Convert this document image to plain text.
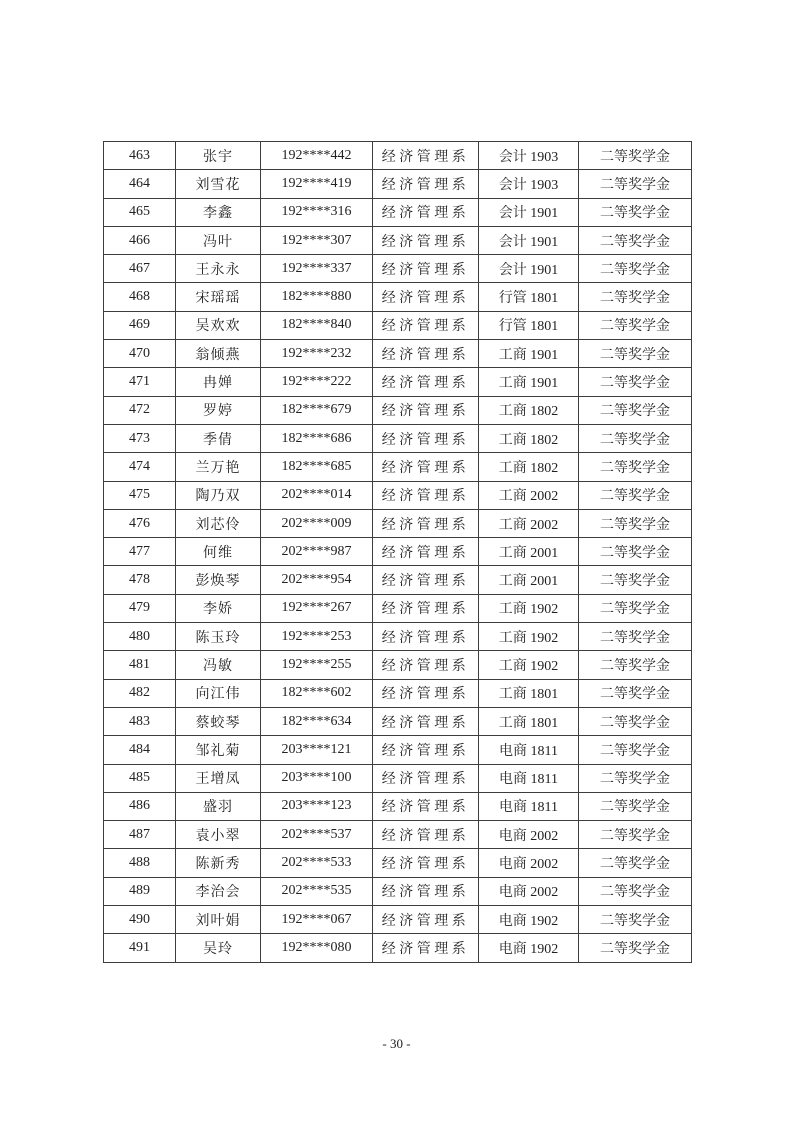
463	张宇	192****442	经济管理系	会计 1903	二等奖学金
464	刘雪花	192****419	经济管理系	会计 1903	二等奖学金
465	李鑫	192****316	经济管理系	会计 1901	二等奖学金
466	冯叶	192****307	经济管理系	会计 1901	二等奖学金
467	王永永	192****337	经济管理系	会计 1901	二等奖学金
468	宋瑶瑶	182****880	经济管理系	行管 1801	二等奖学金
469	吴欢欢	182****840	经济管理系	行管 1801	二等奖学金
470	翁倾燕	192****232	经济管理系	工商 1901	二等奖学金
471	冉婵	192****222	经济管理系	工商 1901	二等奖学金
472	罗婷	182****679	经济管理系	工商 1802	二等奖学金
473	季倩	182****686	经济管理系	工商 1802	二等奖学金
474	兰万艳	182****685	经济管理系	工商 1802	二等奖学金
475	陶乃双	202****014	经济管理系	工商 2002	二等奖学金
476	刘芯伶	202****009	经济管理系	工商 2002	二等奖学金
477	何维	202****987	经济管理系	工商 2001	二等奖学金
478	彭焕琴	202****954	经济管理系	工商 2001	二等奖学金
479	李娇	192****267	经济管理系	工商 1902	二等奖学金
480	陈玉玲	192****253	经济管理系	工商 1902	二等奖学金
481	冯敏	192****255	经济管理系	工商 1902	二等奖学金
482	向江伟	182****602	经济管理系	工商 1801	二等奖学金
483	蔡蛟琴	182****634	经济管理系	工商 1801	二等奖学金
484	邹礼菊	203****121	经济管理系	电商 1811	二等奖学金
485	王增凤	203****100	经济管理系	电商 1811	二等奖学金
486	盛羽	203****123	经济管理系	电商 1811	二等奖学金
487	袁小翠	202****537	经济管理系	电商 2002	二等奖学金
488	陈新秀	202****533	经济管理系	电商 2002	二等奖学金
489	李治会	202****535	经济管理系	电商 2002	二等奖学金
490	刘叶娟	192****067	经济管理系	电商 1902	二等奖学金
491	吴玲	192****080	经济管理系	电商 1902	二等奖学金
- 30 -
